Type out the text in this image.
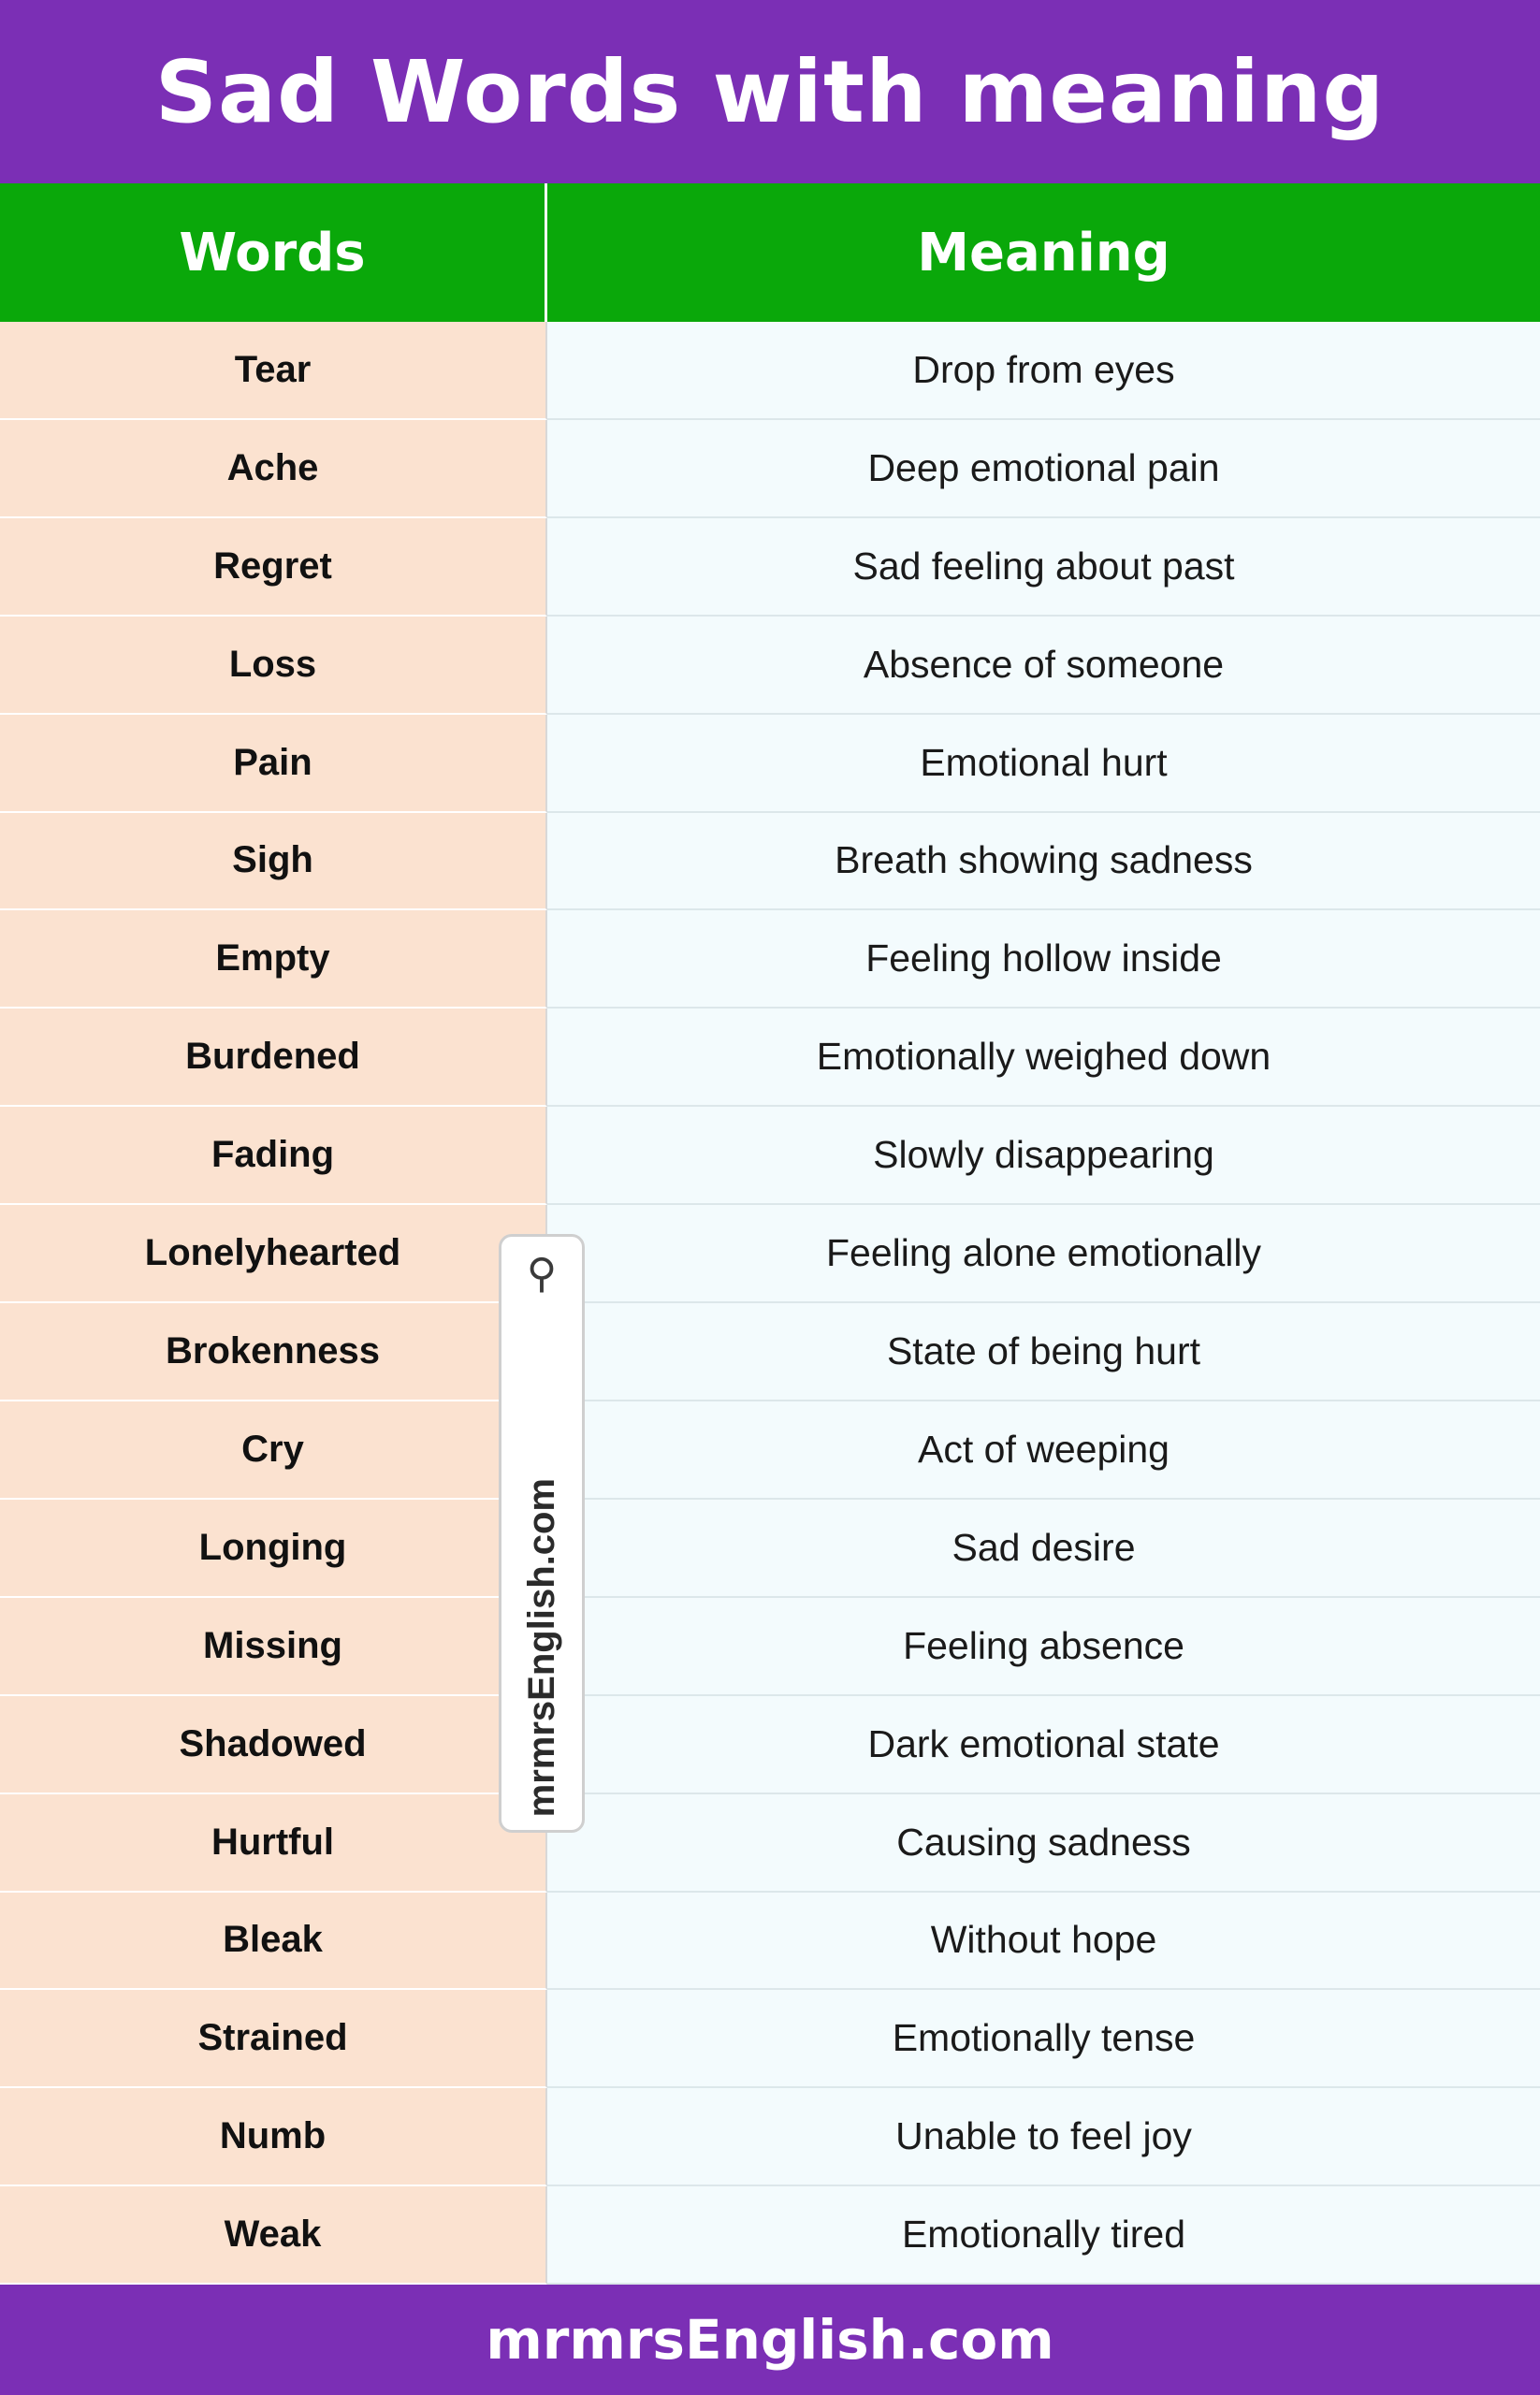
Sad Words with meaning
Words	Meaning
Tear	Drop from eyes
Ache	Deep emotional pain
Regret	Sad feeling about past
Loss	Absence of someone
Pain	Emotional hurt
Sigh	Breath showing sadness
Empty	Feeling hollow inside
Burdened	Emotionally weighed down
Fading	Slowly disappearing
Lonelyhearted	Feeling alone emotionally
Brokenness	State of being hurt
Cry	Act of weeping
Longing	Sad desire
Missing	Feeling absence
Shadowed	Dark emotional state
Hurtful	Causing sadness
Bleak	Without hope
Strained	Emotionally tense
Numb	Unable to feel joy
Weak	Emotionally tired
⚲
mrmrsEnglish.com
mrmrsEnglish.com
